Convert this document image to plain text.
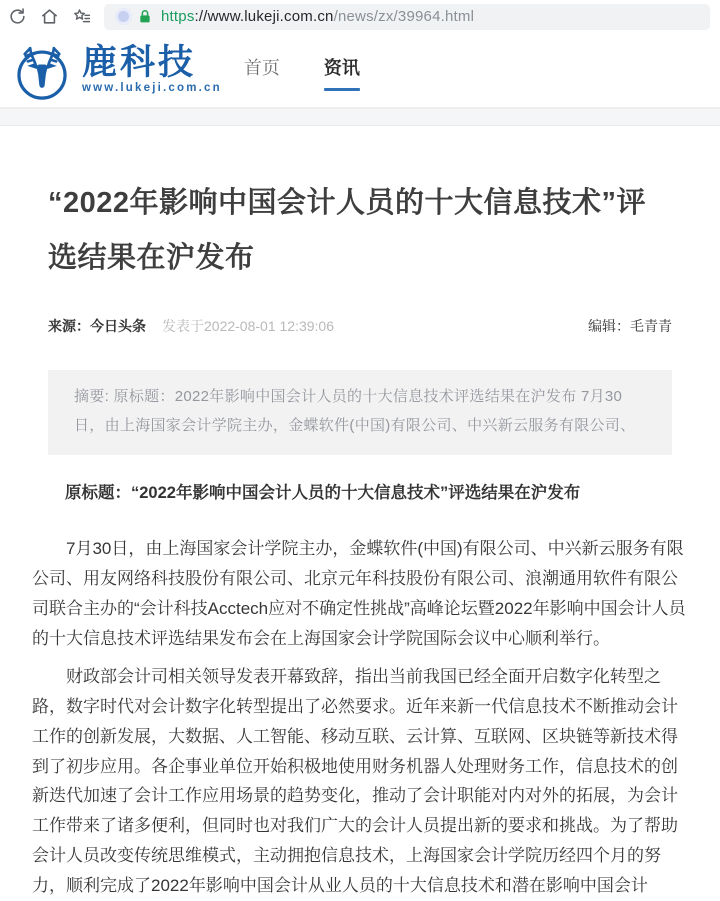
https://www.lukeji.com.cn/news/zx/39964.html
鹿科技
www.lukeji.com.cn
首页 资讯
“2022年影响中国会计人员的十大信息技术”评选结果在沪发布
来源： 今日头条 发表于2022-08-01 12:39:06	编辑：毛青青
摘要: 原标题：2022年影响中国会计人员的十大信息技术评选结果在沪发布 7月30日，由上海国家会计学院主办，金蝶软件(中国)有限公司、中兴新云服务有限公司、

原标题：“2022年影响中国会计人员的十大信息技术”评选结果在沪发布

7月30日，由上海国家会计学院主办，金蝶软件(中国)有限公司、中兴新云服务有限公司、用友网络科技股份有限公司、北京元年科技股份有限公司、浪潮通用软件有限公司联合主办的“会计科技Acctech应对不确定性挑战”高峰论坛暨2022年影响中国会计人员的十大信息技术评选结果发布会在上海国家会计学院国际会议中心顺利举行。

财政部会计司相关领导发表开幕致辞，指出当前我国已经全面开启数字化转型之路，数字时代对会计数字化转型提出了必然要求。近年来新一代信息技术不断推动会计工作的创新发展，大数据、人工智能、移动互联、云计算、互联网、区块链等新技术得到了初步应用。各企事业单位开始积极地使用财务机器人处理财务工作，信息技术的创新迭代加速了会计工作应用场景的趋势变化，推动了会计职能对内对外的拓展，为会计工作带来了诸多便利，但同时也对我们广大的会计人员提出新的要求和挑战。为了帮助会计人员改变传统思维模式，主动拥抱信息技术，上海国家会计学院历经四个月的努力，顺利完成了2022年影响中国会计从业人员的十大信息技术和潜在影响中国会计
